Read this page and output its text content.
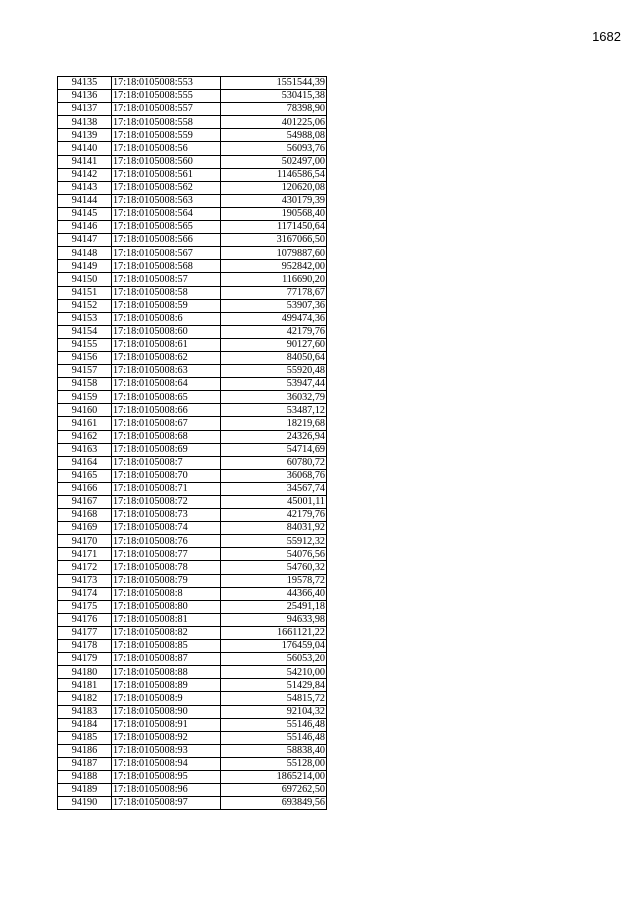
1682
94135	17:18:0105008:553	1551544,39
94136	17:18:0105008:555	530415,38
94137	17:18:0105008:557	78398,90
94138	17:18:0105008:558	401225,06
94139	17:18:0105008:559	54988,08
94140	17:18:0105008:56	56093,76
94141	17:18:0105008:560	502497,00
94142	17:18:0105008:561	1146586,54
94143	17:18:0105008:562	120620,08
94144	17:18:0105008:563	430179,39
94145	17:18:0105008:564	190568,40
94146	17:18:0105008:565	1171450,64
94147	17:18:0105008:566	3167066,50
94148	17:18:0105008:567	1079887,60
94149	17:18:0105008:568	952842,00
94150	17:18:0105008:57	116690,20
94151	17:18:0105008:58	77178,67
94152	17:18:0105008:59	53907,36
94153	17:18:0105008:6	499474,36
94154	17:18:0105008:60	42179,76
94155	17:18:0105008:61	90127,60
94156	17:18:0105008:62	84050,64
94157	17:18:0105008:63	55920,48
94158	17:18:0105008:64	53947,44
94159	17:18:0105008:65	36032,79
94160	17:18:0105008:66	53487,12
94161	17:18:0105008:67	18219,68
94162	17:18:0105008:68	24326,94
94163	17:18:0105008:69	54714,69
94164	17:18:0105008:7	60780,72
94165	17:18:0105008:70	36068,76
94166	17:18:0105008:71	34567,74
94167	17:18:0105008:72	45001,11
94168	17:18:0105008:73	42179,76
94169	17:18:0105008:74	84031,92
94170	17:18:0105008:76	55912,32
94171	17:18:0105008:77	54076,56
94172	17:18:0105008:78	54760,32
94173	17:18:0105008:79	19578,72
94174	17:18:0105008:8	44366,40
94175	17:18:0105008:80	25491,18
94176	17:18:0105008:81	94633,98
94177	17:18:0105008:82	1661121,22
94178	17:18:0105008:85	176459,04
94179	17:18:0105008:87	56053,20
94180	17:18:0105008:88	54210,00
94181	17:18:0105008:89	51429,84
94182	17:18:0105008:9	54815,72
94183	17:18:0105008:90	92104,32
94184	17:18:0105008:91	55146,48
94185	17:18:0105008:92	55146,48
94186	17:18:0105008:93	58838,40
94187	17:18:0105008:94	55128,00
94188	17:18:0105008:95	1865214,00
94189	17:18:0105008:96	697262,50
94190	17:18:0105008:97	693849,56
